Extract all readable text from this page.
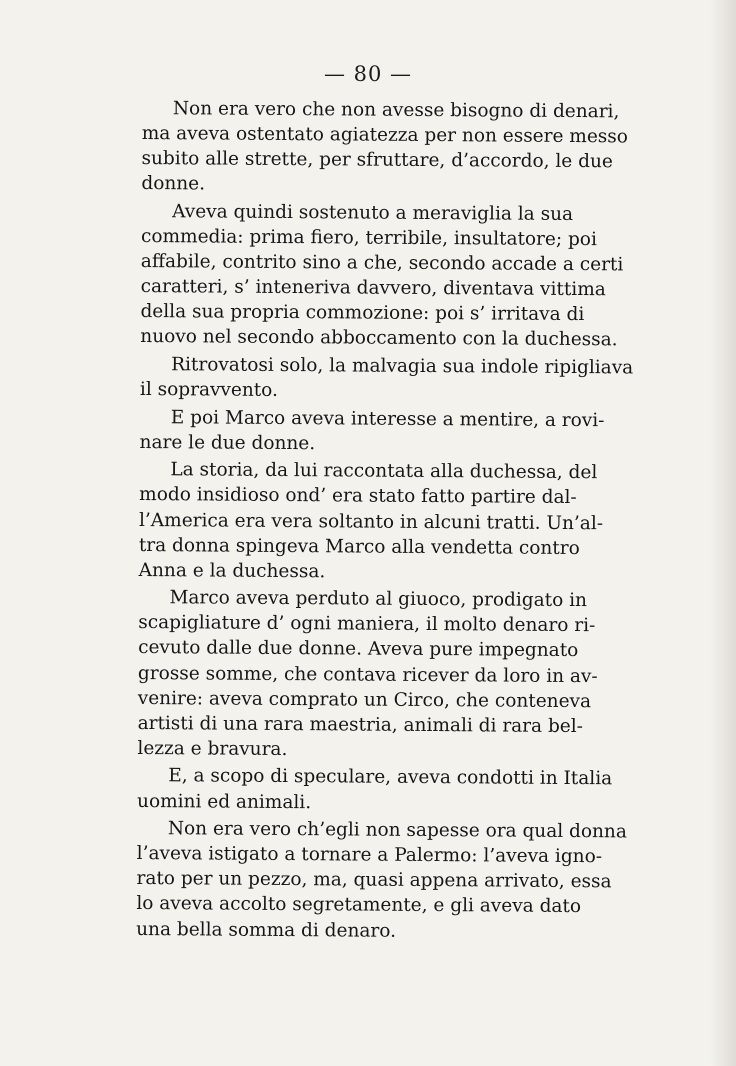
— 80 —
Non era vero che non avesse bisogno di denari,
ma aveva ostentato agiatezza per non essere messo
subito alle strette, per sfruttare, d’accordo, le due
donne.
Aveva quindi sostenuto a meraviglia la sua
commedia: prima fiero, terribile, insultatore; poi
affabile, contrito sino a che, secondo accade a certi
caratteri, s’ inteneriva davvero, diventava vittima
della sua propria commozione: poi s’ irritava di
nuovo nel secondo abboccamento con la duchessa.
Ritrovatosi solo, la malvagia sua indole ripigliava
il sopravvento.
E poi Marco aveva interesse a mentire, a rovi-
nare le due donne.
La storia, da lui raccontata alla duchessa, del
modo insidioso ond’ era stato fatto partire dal-
l’America era vera soltanto in alcuni tratti. Un’al-
tra donna spingeva Marco alla vendetta contro
Anna e la duchessa.
Marco aveva perduto al giuoco, prodigato in
scapigliature d’ ogni maniera, il molto denaro ri-
cevuto dalle due donne. Aveva pure impegnato
grosse somme, che contava ricever da loro in av-
venire: aveva comprato un Circo, che conteneva
artisti di una rara maestria, animali di rara bel-
lezza e bravura.
E, a scopo di speculare, aveva condotti in Italia
uomini ed animali.
Non era vero ch’egli non sapesse ora qual donna
l’aveva istigato a tornare a Palermo: l’aveva igno-
rato per un pezzo, ma, quasi appena arrivato, essa
lo aveva accolto segretamente, e gli aveva dato
una bella somma di denaro.
